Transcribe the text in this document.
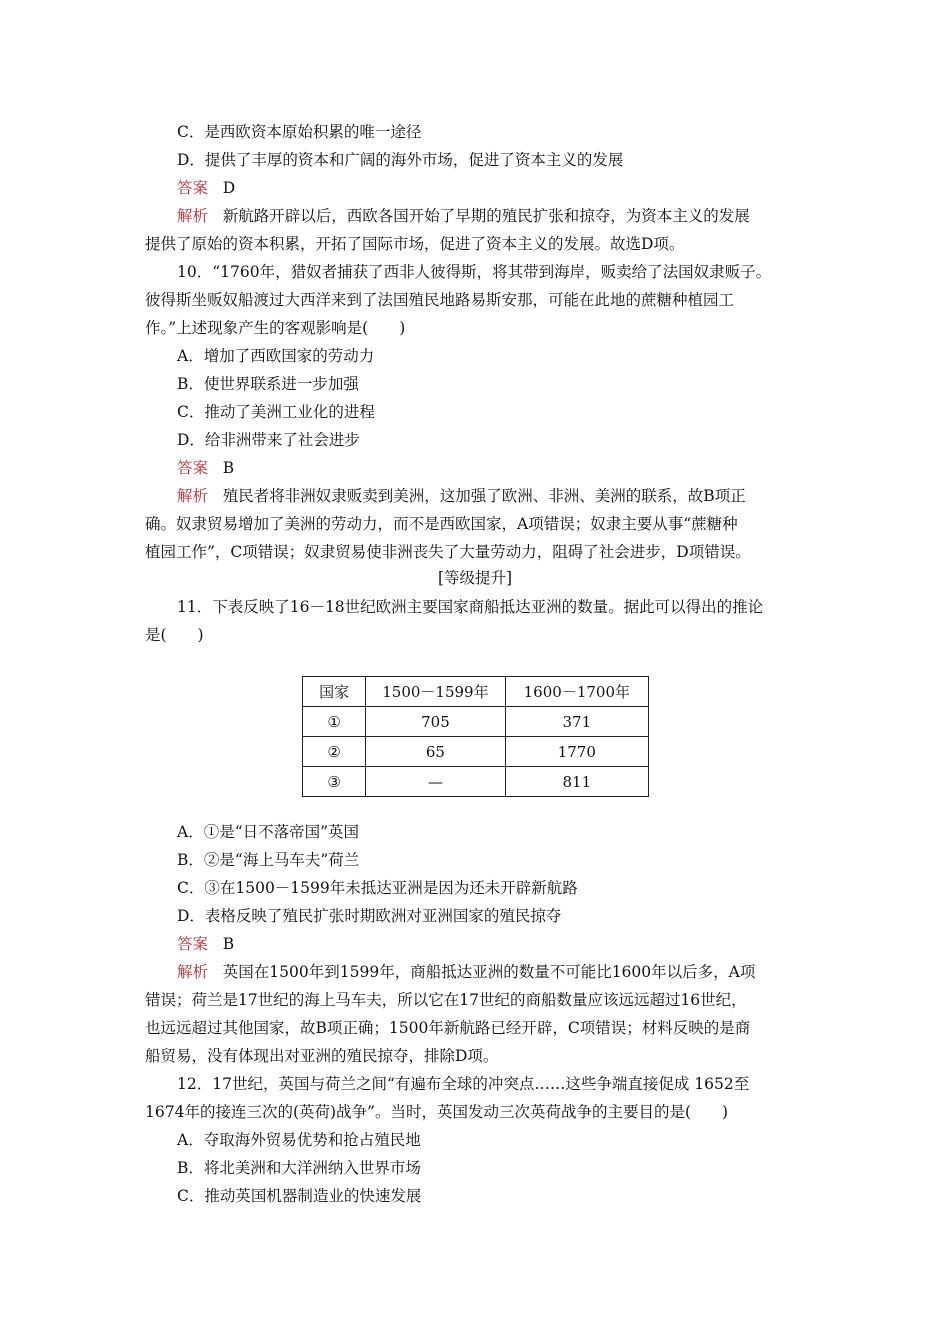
C．是西欧资本原始积累的唯一途径
D．提供了丰厚的资本和广阔的海外市场，促进了资本主义的发展
答案 D
解析 新航路开辟以后，西欧各国开始了早期的殖民扩张和掠夺，为资本主义的发展
提供了原始的资本积累，开拓了国际市场，促进了资本主义的发展。故选D项。
10．“1760年，猎奴者捕获了西非人彼得斯，将其带到海岸，贩卖给了法国奴隶贩子。
彼得斯坐贩奴船渡过大西洋来到了法国殖民地路易斯安那，可能在此地的蔗糖种植园工
作。”上述现象产生的客观影响是(　　)
A．增加了西欧国家的劳动力
B．使世界联系进一步加强
C．推动了美洲工业化的进程
D．给非洲带来了社会进步
答案 B
解析 殖民者将非洲奴隶贩卖到美洲，这加强了欧洲、非洲、美洲的联系，故B项正
确。奴隶贸易增加了美洲的劳动力，而不是西欧国家，A项错误；奴隶主要从事“蔗糖种
植园工作”，C项错误；奴隶贸易使非洲丧失了大量劳动力，阻碍了社会进步，D项错误。
[等级提升]
11．下表反映了16－18世纪欧洲主要国家商船抵达亚洲的数量。据此可以得出的推论
是(　　)
国家	1500－1599年	1600－1700年
①	705	371
②	65	1770
③	—	811
A．①是“日不落帝国”英国
B．②是“海上马车夫”荷兰
C．③在1500－1599年未抵达亚洲是因为还未开辟新航路
D．表格反映了殖民扩张时期欧洲对亚洲国家的殖民掠夺
答案 B
解析 英国在1500年到1599年，商船抵达亚洲的数量不可能比1600年以后多，A项
错误；荷兰是17世纪的海上马车夫，所以它在17世纪的商船数量应该远远超过16世纪，
也远远超过其他国家，故B项正确；1500年新航路已经开辟，C项错误；材料反映的是商
船贸易，没有体现出对亚洲的殖民掠夺，排除D项。
12．17世纪，英国与荷兰之间“有遍布全球的冲突点……这些争端直接促成 1652至
1674年的接连三次的(英荷)战争”。当时，英国发动三次英荷战争的主要目的是(　　)
A．夺取海外贸易优势和抢占殖民地
B．将北美洲和大洋洲纳入世界市场
C．推动英国机器制造业的快速发展
